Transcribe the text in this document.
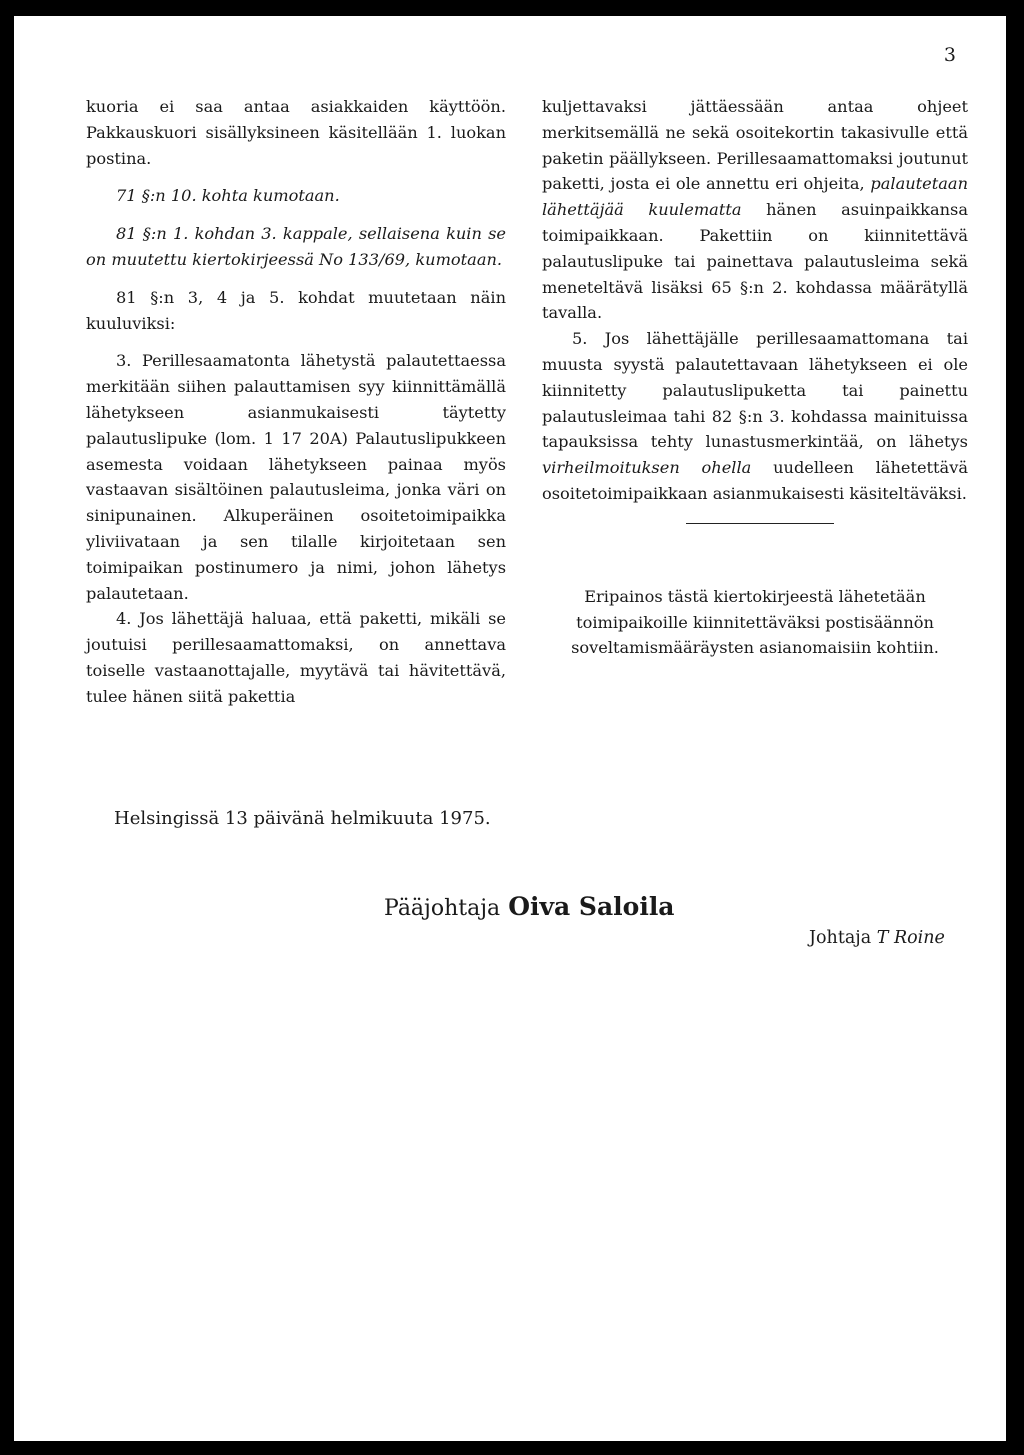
3

kuoria ei saa antaa asiakkaiden käyttöön. Pakkauskuori sisällyksineen käsitellään 1. luokan postina.

71 §:n 10. kohta kumotaan.

81 §:n 1. kohdan 3. kappale, sellaisena kuin se on muutettu kiertokirjeessä No 133/69, kumotaan.

81 §:n 3, 4 ja 5. kohdat muutetaan näin kuuluviksi:

3. Perillesaamatonta lähetystä palautettaessa merkitään siihen palauttamisen syy kiinnittämällä lähetykseen asianmukaisesti täytetty palautuslipuke (lom. 1 17 20A) Palautuslipukkeen asemesta voidaan lähetykseen painaa myös vastaavan sisältöinen palautusleima, jonka väri on sinipunainen. Alkuperäinen osoitetoimipaikka yliviivataan ja sen tilalle kirjoitetaan sen toimipaikan postinumero ja nimi, johon lähetys palautetaan.

4. Jos lähettäjä haluaa, että paketti, mikäli se joutuisi perillesaamattomaksi, on annettava toiselle vastaanottajalle, myytävä tai hävitettävä, tulee hänen siitä pakettia

kuljettavaksi jättäessään antaa ohjeet merkitsemällä ne sekä osoitekortin takasivulle että paketin päällykseen. Perillesaamattomaksi joutunut paketti, josta ei ole annettu eri ohjeita, palautetaan lähettäjää kuulematta hänen asuinpaikkansa toimipaikkaan. Pakettiin on kiinnitettävä palautuslipuke tai painettava palautusleima sekä meneteltävä lisäksi 65 §:n 2. kohdassa määrätyllä tavalla.

5. Jos lähettäjälle perillesaamattomana tai muusta syystä palautettavaan lähetykseen ei ole kiinnitetty palautuslipuketta tai painettu palautusleimaa tahi 82 §:n 3. kohdassa mainituissa tapauksissa tehty lunastusmerkintää, on lähetys virheilmoituksen ohella uudelleen lähetettävä osoitetoimipaikkaan asianmukaisesti käsiteltäväksi.

Eripainos tästä kiertokirjeestä lähetetään toimipaikoille kiinnitettäväksi postisäännön soveltamismääräysten asianomaisiin kohtiin.

Helsingissä 13 päivänä helmikuuta 1975.
Pääjohtaja Oiva Saloila
Johtaja T Roine
